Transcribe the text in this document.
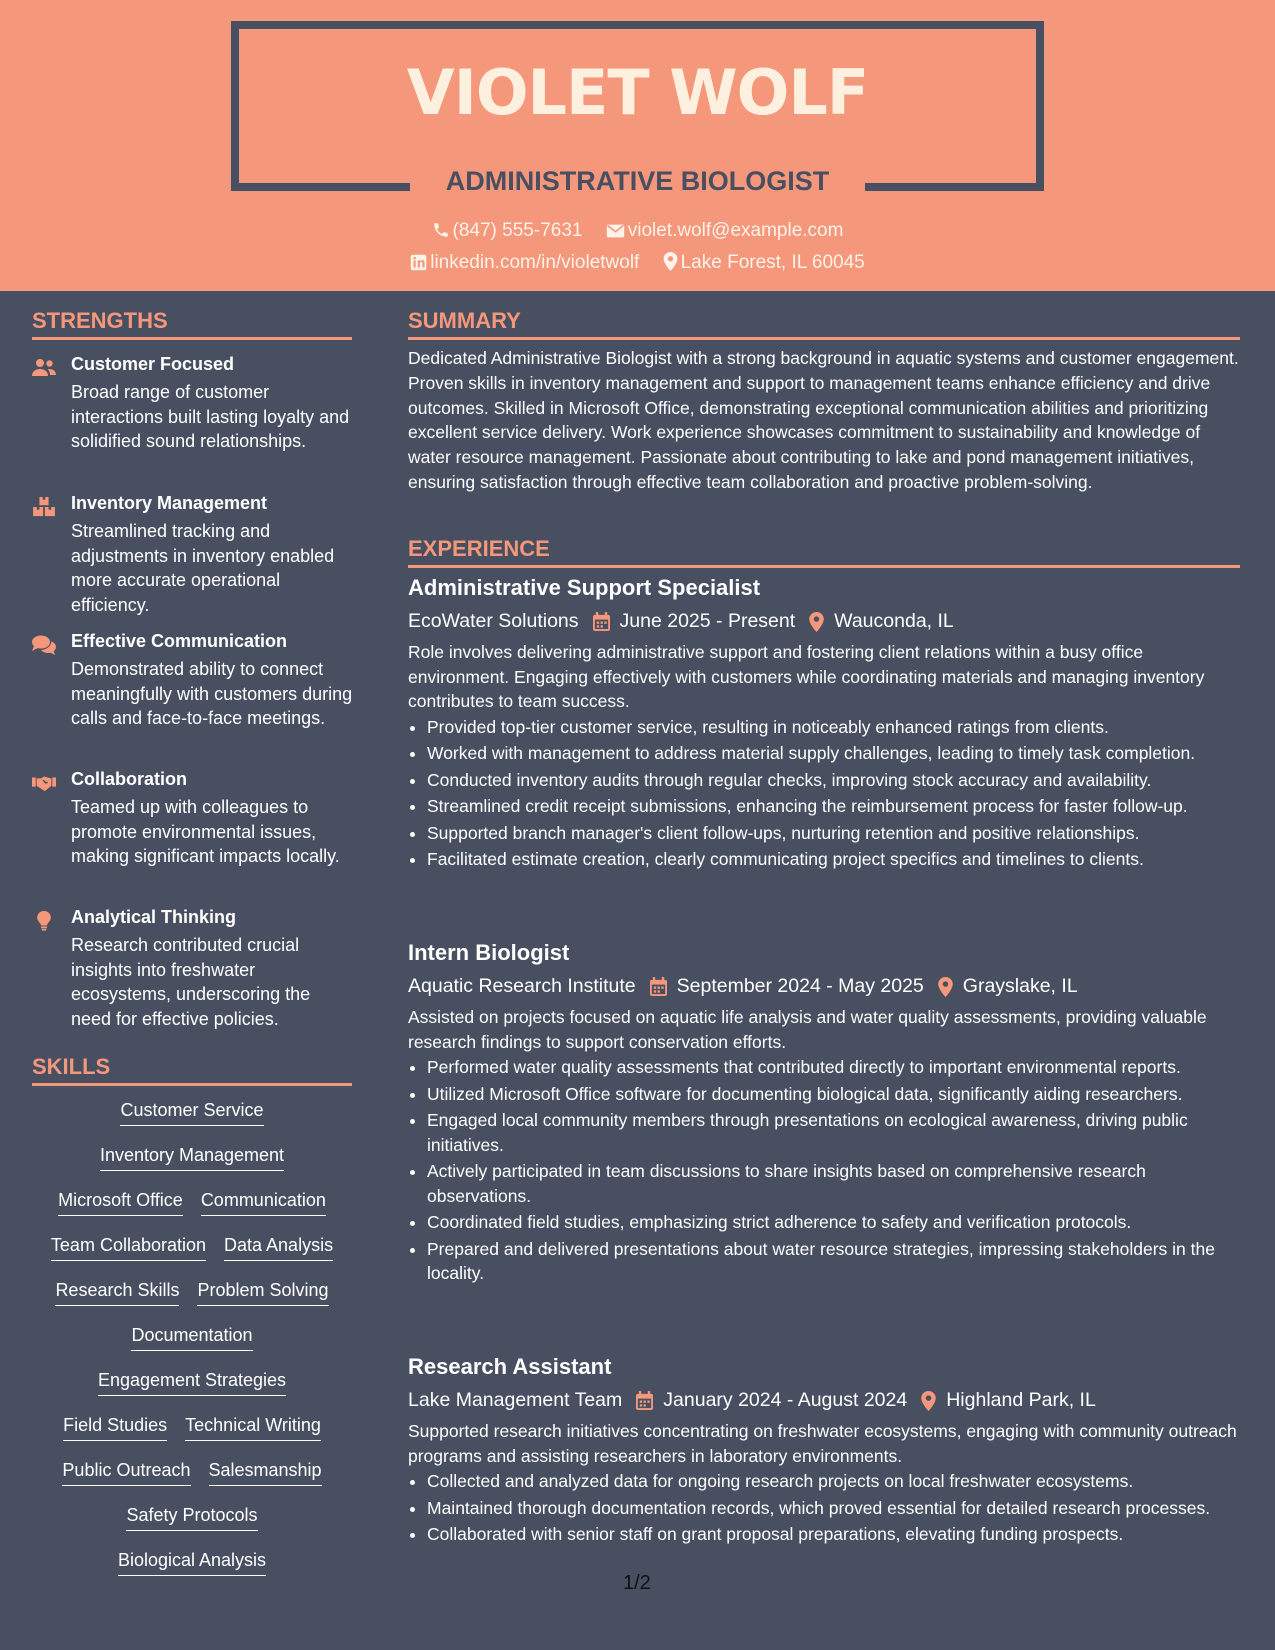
VIOLET WOLF
ADMINISTRATIVE BIOLOGIST
(847) 555-7631 violet.wolf@example.com
linkedin.com/in/violetwolf Lake Forest, IL 60045
STRENGTHS
Customer Focused
Broad range of customer interactions built lasting loyalty and solidified sound relationships.
Inventory Management
Streamlined tracking and adjustments in inventory enabled more accurate operational efficiency.
Effective Communication
Demonstrated ability to connect meaningfully with customers during calls and face-to-face meetings.
Collaboration
Teamed up with colleagues to promote environmental issues, making significant impacts locally.
Analytical Thinking
Research contributed crucial insights into freshwater ecosystems, underscoring the need for effective policies.
SKILLS
Customer Service
Inventory Management
Microsoft Office Communication
Team Collaboration Data Analysis
Research Skills Problem Solving
Documentation
Engagement Strategies
Field Studies Technical Writing
Public Outreach Salesmanship
Safety Protocols
Biological Analysis
SUMMARY
Dedicated Administrative Biologist with a strong background in aquatic systems and customer engagement. Proven skills in inventory management and support to management teams enhance efficiency and drive outcomes. Skilled in Microsoft Office, demonstrating exceptional communication abilities and prioritizing excellent service delivery. Work experience showcases commitment to sustainability and knowledge of water resource management. Passionate about contributing to lake and pond management initiatives, ensuring satisfaction through effective team collaboration and proactive problem-solving.
EXPERIENCE
Administrative Support Specialist
EcoWater Solutions June 2025 - Present Wauconda, IL
Role involves delivering administrative support and fostering client relations within a busy office environment. Engaging effectively with customers while coordinating materials and managing inventory contributes to team success.
• Provided top-tier customer service, resulting in noticeably enhanced ratings from clients.
• Worked with management to address material supply challenges, leading to timely task completion.
• Conducted inventory audits through regular checks, improving stock accuracy and availability.
• Streamlined credit receipt submissions, enhancing the reimbursement process for faster follow-up.
• Supported branch manager's client follow-ups, nurturing retention and positive relationships.
• Facilitated estimate creation, clearly communicating project specifics and timelines to clients.
Intern Biologist
Aquatic Research Institute September 2024 - May 2025 Grayslake, IL
Assisted on projects focused on aquatic life analysis and water quality assessments, providing valuable research findings to support conservation efforts.
• Performed water quality assessments that contributed directly to important environmental reports.
• Utilized Microsoft Office software for documenting biological data, significantly aiding researchers.
• Engaged local community members through presentations on ecological awareness, driving public initiatives.
• Actively participated in team discussions to share insights based on comprehensive research observations.
• Coordinated field studies, emphasizing strict adherence to safety and verification protocols.
• Prepared and delivered presentations about water resource strategies, impressing stakeholders in the locality.
Research Assistant
Lake Management Team January 2024 - August 2024 Highland Park, IL
Supported research initiatives concentrating on freshwater ecosystems, engaging with community outreach programs and assisting researchers in laboratory environments.
• Collected and analyzed data for ongoing research projects on local freshwater ecosystems.
• Maintained thorough documentation records, which proved essential for detailed research processes.
• Collaborated with senior staff on grant proposal preparations, elevating funding prospects.
1/2
